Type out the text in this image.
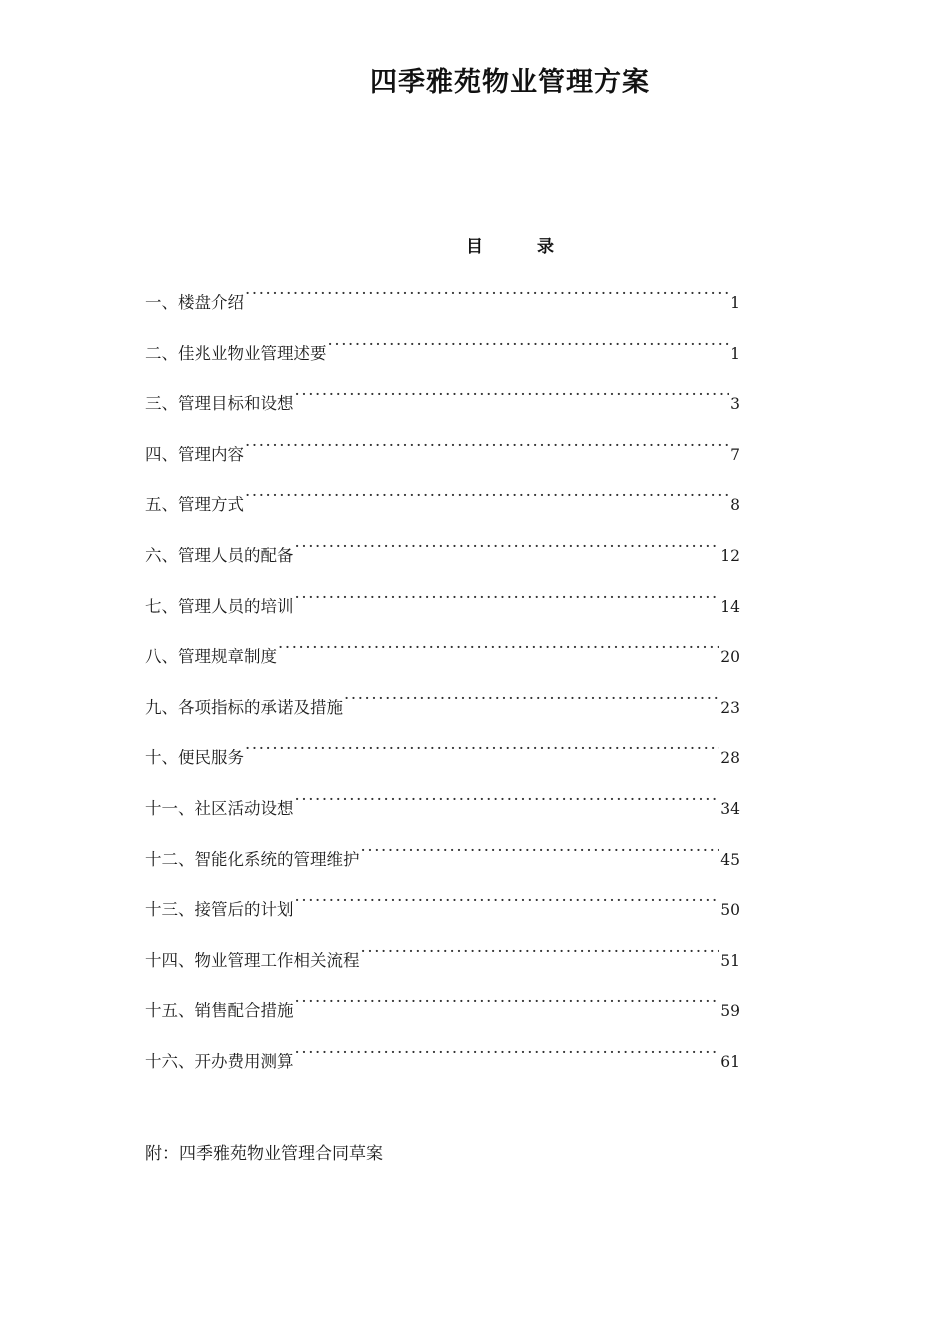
四季雅苑物业管理方案
目 录
一、楼盘介绍 ·····	1
二、佳兆业物业管理述要 ·····	1
三、管理目标和设想 ·····	3
四、管理内容 ·····	7
五、管理方式 ·····	8
六、管理人员的配备 ·····	12
七、管理人员的培训 ·····	14
八、管理规章制度 ·····	20
九、各项指标的承诺及措施 ·····	23
十、便民服务 ·····	28
十一、社区活动设想 ·····	34
十二、智能化系统的管理维护 ·····	45
十三、接管后的计划 ·····	50
十四、物业管理工作相关流程 ·····	51
十五、销售配合措施 ·····	59
十六、开办费用测算 ·····	61
附：四季雅苑物业管理合同草案
